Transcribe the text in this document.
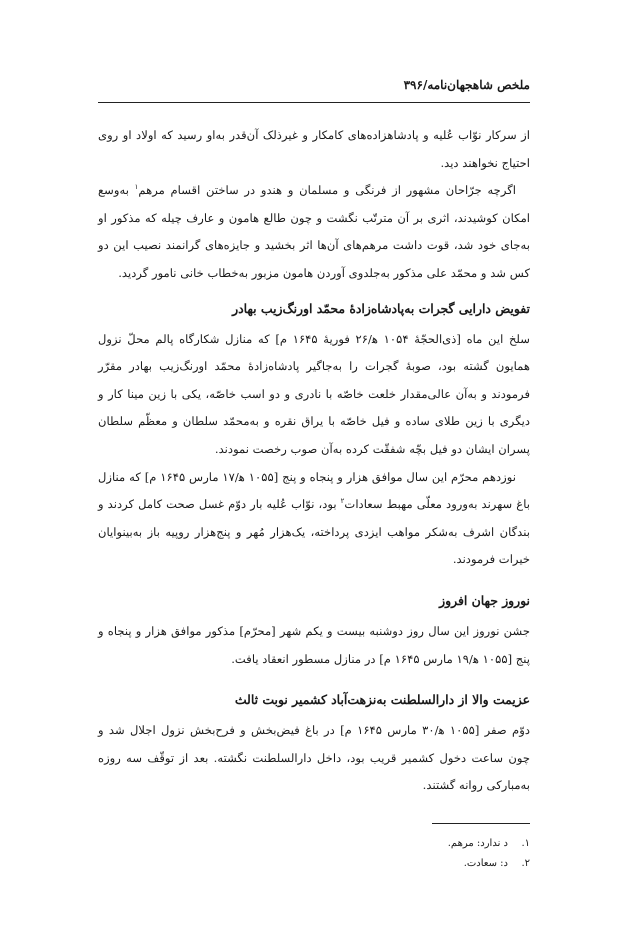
ملخص شاهجهان‌نامه/۳۹۶

از سرکار نوّاب عُلیه و پادشاهزاده‌های کامکار و غیرذلک آن‌قدر به‌او رسید که اولاد او روی احتیاج نخواهند دید.

اگرچه جرّاحان مشهور از فرنگی و مسلمان و هندو در ساختن اقسام مرهم$^۱$ به‌وسع امکان کوشیدند، اثری بر آن مترتّب نگشت و چون طالع هامون و عارف چیله که مذکور او به‌جای خود شد، قوت داشت مرهم‌های آن‌ها اثر بخشید و جایزه‌های گرانمند نصیب این دو کس شد و محمّد علی مذکور به‌جلدوی آوردن هامون مزبور به‌خطاب خانی نامور گردید.

تفویض دارایی گجرات به‌پادشاه‌زادهٔ محمّد اورنگ‌زیب بهادر

سلخ این ماه [ذی‌الحجّهٔ ۱۰۵۴ ه‍/۲۶ فوریهٔ ۱۶۴۵ م] که منازل شکارگاه پالم محلّ نزول همایون گشته بود، صوبهٔ گجرات را به‌جاگیر پادشاه‌زادهٔ محمّد اورنگ‌زیب بهادر مقرّر فرمودند و به‌آن عالی‌مقدار خلعت خاصّه با نادری و دو اسب خاصّه، یکی با زین مینا کار و دیگری با زین طلای ساده و فیل خاصّه با یراق نقره و به‌محمّد سلطان و معظّم سلطان پسران ایشان دو فیل بچّه شفقّت کرده به‌آن صوب رخصت نمودند.

نوزدهم محرّم این سال موافق هزار و پنجاه و پنج [۱۰۵۵ ه‍/۱۷ مارس ۱۶۴۵ م] که منازل باغ سهرند به‌ورود معلّی مهبط سعادات$^۲$ بود، نوّاب عُلیه بار دوّم غسل صحت کامل کردند و بندگان اشرف به‌شکر مواهب ایزدی پرداخته، یک‌هزار مُهر و پنج‌هزار روپیه باز به‌بینوایان خیرات فرمودند.

نوروز جهان افروز

جشن نوروز این سال روز دوشنبه بیست و یکم شهر [محرّم] مذکور موافق هزار و پنجاه و پنج [۱۰۵۵ ه‍/۱۹ مارس ۱۶۴۵ م] در منازل مسطور انعقاد یافت.

عزیمت والا از دارالسلطنت به‌نزهت‌آباد کشمیر نوبت ثالث

دوّم صفر [۱۰۵۵ ه‍/۳۰ مارس ۱۶۴۵ م] در باغ فیض‌بخش و فرح‌بخش نزول اجلال شد و چون ساعت دخول کشمیر قریب بود، داخل دارالسلطنت نگشته. بعد از توقّف سه روزه به‌مبارکی روانه گشتند.

۱.د ندارد: مرهم.
۲.د: سعادت.
